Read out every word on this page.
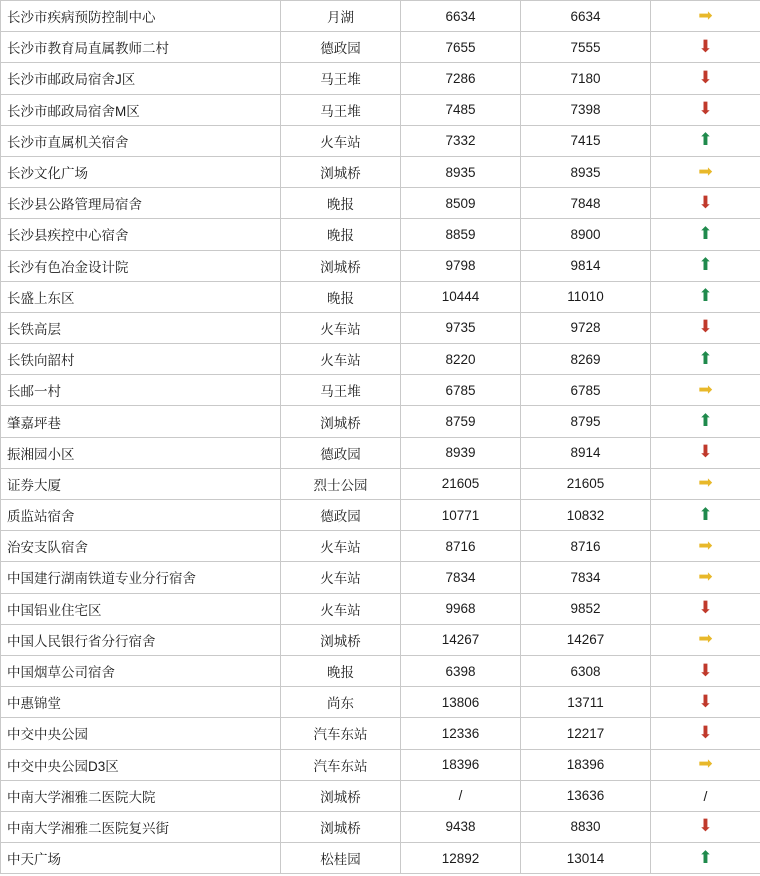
长沙市疾病预防控制中心	月湖	6634	6634	➡
长沙市教育局直属教师二村	德政园	7655	7555	⬇
长沙市邮政局宿舍J区	马王堆	7286	7180	⬇
长沙市邮政局宿舍M区	马王堆	7485	7398	⬇
长沙市直属机关宿舍	火车站	7332	7415	⬆
长沙文化广场	浏城桥	8935	8935	➡
长沙县公路管理局宿舍	晚报	8509	7848	⬇
长沙县疾控中心宿舍	晚报	8859	8900	⬆
长沙有色冶金设计院	浏城桥	9798	9814	⬆
长盛上东区	晚报	10444	11010	⬆
长铁高层	火车站	9735	9728	⬇
长铁向韶村	火车站	8220	8269	⬆
长邮一村	马王堆	6785	6785	➡
肇嘉坪巷	浏城桥	8759	8795	⬆
振湘园小区	德政园	8939	8914	⬇
证券大厦	烈士公园	21605	21605	➡
质监站宿舍	德政园	10771	10832	⬆
治安支队宿舍	火车站	8716	8716	➡
中国建行湖南铁道专业分行宿舍	火车站	7834	7834	➡
中国铝业住宅区	火车站	9968	9852	⬇
中国人民银行省分行宿舍	浏城桥	14267	14267	➡
中国烟草公司宿舍	晚报	6398	6308	⬇
中惠锦堂	尚东	13806	13711	⬇
中交中央公园	汽车东站	12336	12217	⬇
中交中央公园D3区	汽车东站	18396	18396	➡
中南大学湘雅二医院大院	浏城桥	/	13636	/
中南大学湘雅二医院复兴街	浏城桥	9438	8830	⬇
中天广场	松桂园	12892	13014	⬆
